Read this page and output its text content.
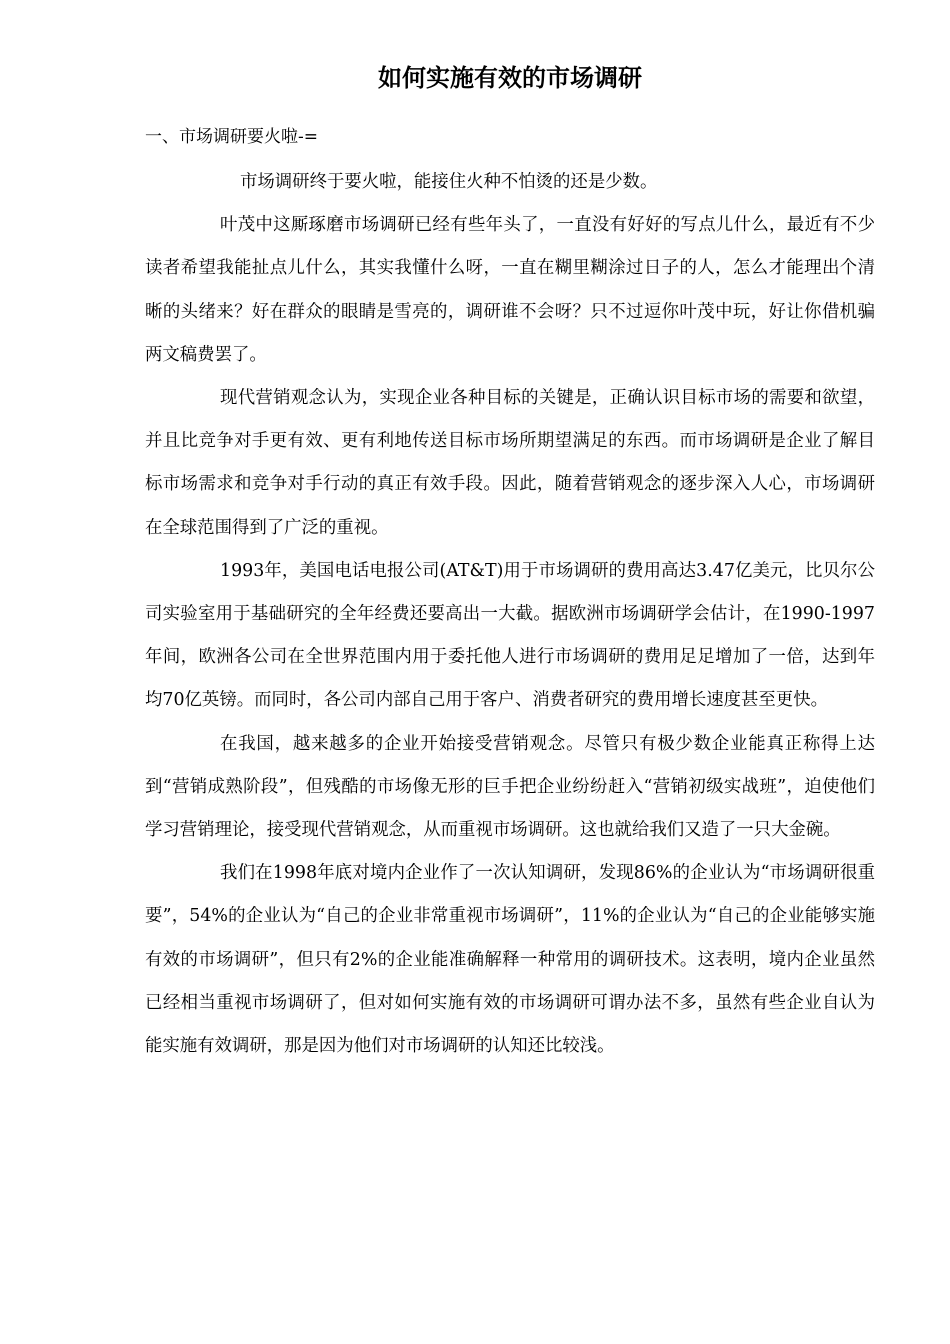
如何实施有效的市场调研
一、市场调研要火啦-=

市场调研终于要火啦，能接住火种不怕烫的还是少数。

叶茂中这厮琢磨市场调研已经有些年头了，一直没有好好的写点儿什么，最近有不少读者希望我能扯点儿什么，其实我懂什么呀，一直在糊里糊涂过日子的人，怎么才能理出个清晰的头绪来？好在群众的眼睛是雪亮的，调研谁不会呀？只不过逗你叶茂中玩，好让你借机骗两文稿费罢了。

现代营销观念认为，实现企业各种目标的关键是，正确认识目标市场的需要和欲望，并且比竞争对手更有效、更有利地传送目标市场所期望满足的东西。而市场调研是企业了解目标市场需求和竞争对手行动的真正有效手段。因此，随着营销观念的逐步深入人心，市场调研在全球范围得到了广泛的重视。

1993年，美国电话电报公司(AT&T)用于市场调研的费用高达3.47亿美元，比贝尔公司实验室用于基础研究的全年经费还要高出一大截。据欧洲市场调研学会估计，在1990-1997 年间，欧洲各公司在全世界范围内用于委托他人进行市场调研的费用足足增加了一倍，达到年均70亿英镑。而同时，各公司内部自己用于客户、消费者研究的费用增长速度甚至更快。

在我国，越来越多的企业开始接受营销观念。尽管只有极少数企业能真正称得上达到“营销成熟阶段”，但残酷的市场像无形的巨手把企业纷纷赶入“营销初级实战班”，迫使他们学习营销理论，接受现代营销观念，从而重视市场调研。这也就给我们又造了一只大金碗。

我们在1998年底对境内企业作了一次认知调研，发现86%的企业认为“市场调研很重要”，54%的企业认为“自己的企业非常重视市场调研”，11%的企业认为“自己的企业能够实施有效的市场调研”，但只有2%的企业能准确解释一种常用的调研技术。这表明，境内企业虽然已经相当重视市场调研了，但对如何实施有效的市场调研可谓办法不多，虽然有些企业自认为能实施有效调研，那是因为他们对市场调研的认知还比较浅。
